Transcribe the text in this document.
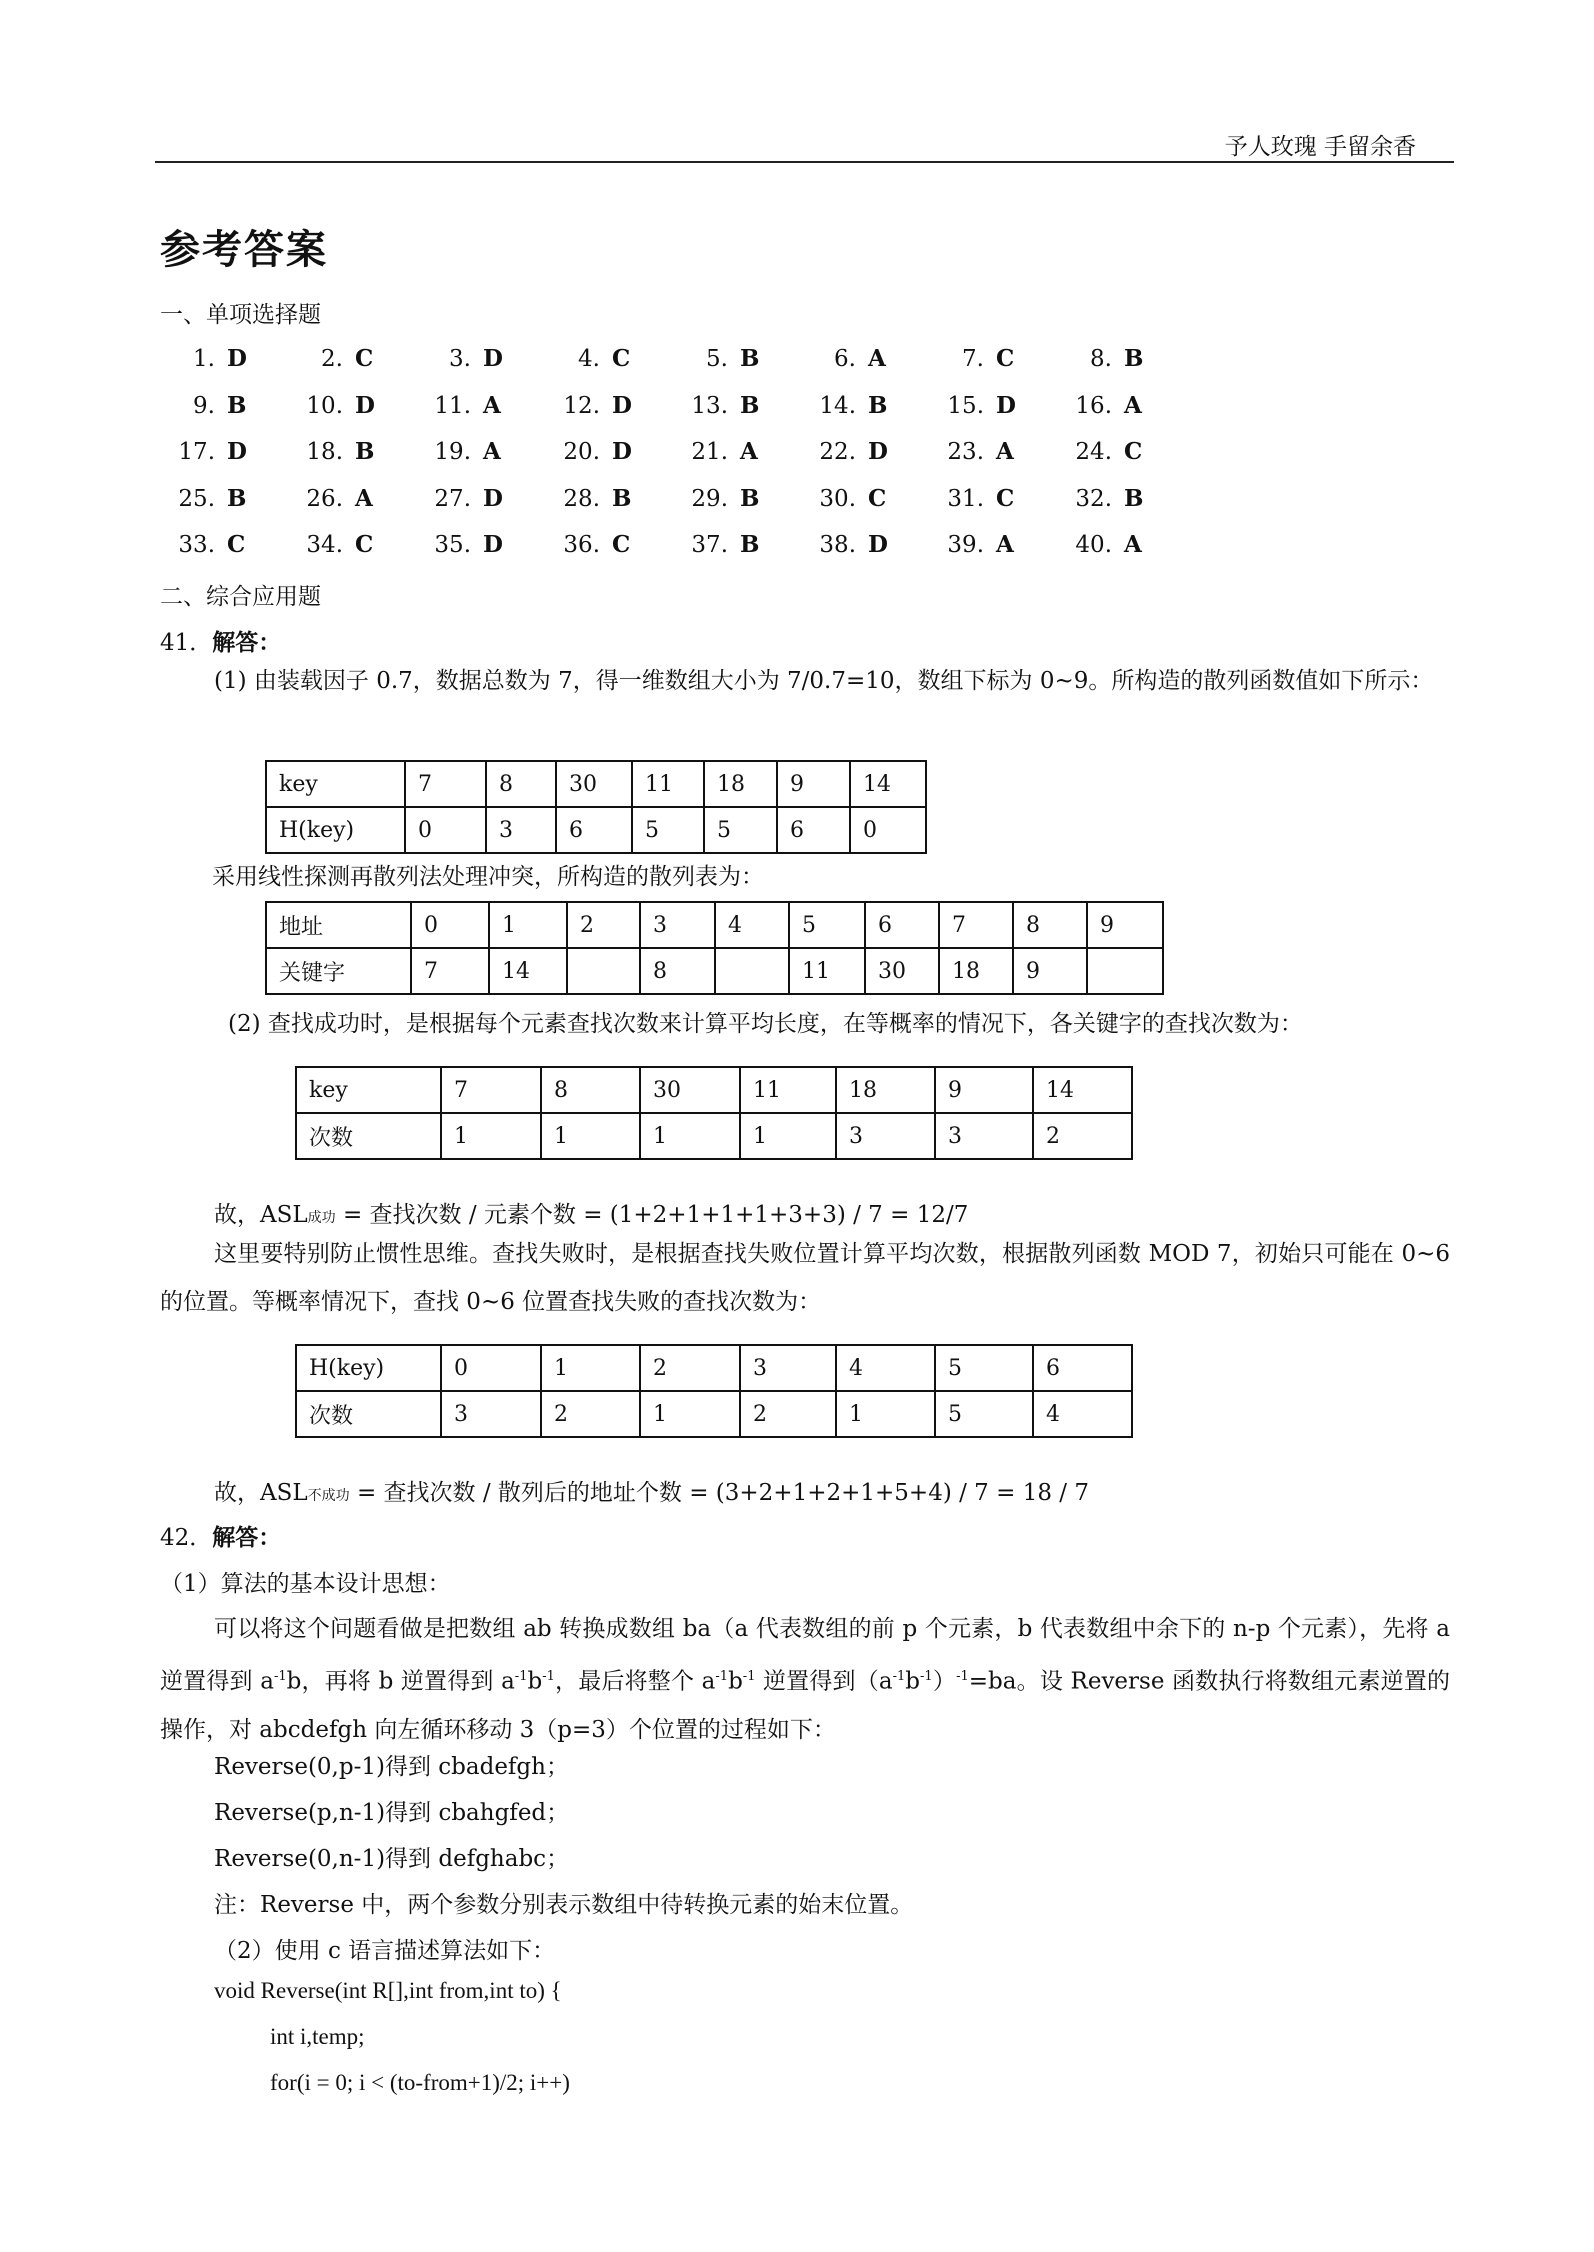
予人玫瑰 手留余香
参考答案
一、单项选择题
1. D	2. C	3. D	4. C	5. B	6. A	7. C	8. B
9. B	10. D	11. A	12. D	13. B	14. B	15. D	16. A
17. D	18. B	19. A	20. D	21. A	22. D	23. A	24. C
25. B	26. A	27. D	28. B	29. B	30. C	31. C	32. B
33. C	34. C	35. D	36. C	37. B	38. D	39. A	40. A
二、综合应用题
41．解答：
(1) 由装载因子 0.7，数据总数为 7，得一维数组大小为 7/0.7=10，数组下标为 0~9。所构造的散列函数值如下所示：
key	7	8	30	11	18	9	14
H(key)	0	3	6	5	5	6	0
采用线性探测再散列法处理冲突，所构造的散列表为：
地址	0	1	2	3	4	5	6	7	8	9
关键字	7	14		8		11	30	18	9	
(2) 查找成功时，是根据每个元素查找次数来计算平均长度，在等概率的情况下，各关键字的查找次数为：
key	7	8	30	11	18	9	14
次数	1	1	1	1	3	3	2
故，ASL成功 = 查找次数 / 元素个数 = (1+2+1+1+1+3+3) / 7 = 12/7
这里要特别防止惯性思维。查找失败时，是根据查找失败位置计算平均次数，根据散列函数 MOD 7，初始只可能在 0~6 的位置。等概率情况下，查找 0~6 位置查找失败的查找次数为：
H(key)	0	1	2	3	4	5	6
次数	3	2	1	2	1	5	4
故，ASL不成功 = 查找次数 / 散列后的地址个数 = (3+2+1+2+1+5+4) / 7 = 18 / 7
42．解答：
（1）算法的基本设计思想：
可以将这个问题看做是把数组 ab 转换成数组 ba（a 代表数组的前 p 个元素，b 代表数组中余下的 n-p 个元素），先将 a 逆置得到 $a^{-1}b$，再将 b 逆置得到 $a^{-1}b^{-1}$，最后将整个 $a^{-1}b^{-1}$ 逆置得到$(a^{-1}b^{-1})^{-1}=ba$。设 Reverse 函数执行将数组元素逆置的操作，对 abcdefgh 向左循环移动 3（p=3）个位置的过程如下：
Reverse(0,p-1)得到 cbadefgh；
Reverse(p,n-1)得到 cbahgfed；
Reverse(0,n-1)得到 defghabc；
注：Reverse 中，两个参数分别表示数组中待转换元素的始末位置。
（2）使用 c 语言描述算法如下：
void Reverse(int R[],int from,int to) {
int i,temp;
for(i = 0; i < (to-from+1)/2; i++)
